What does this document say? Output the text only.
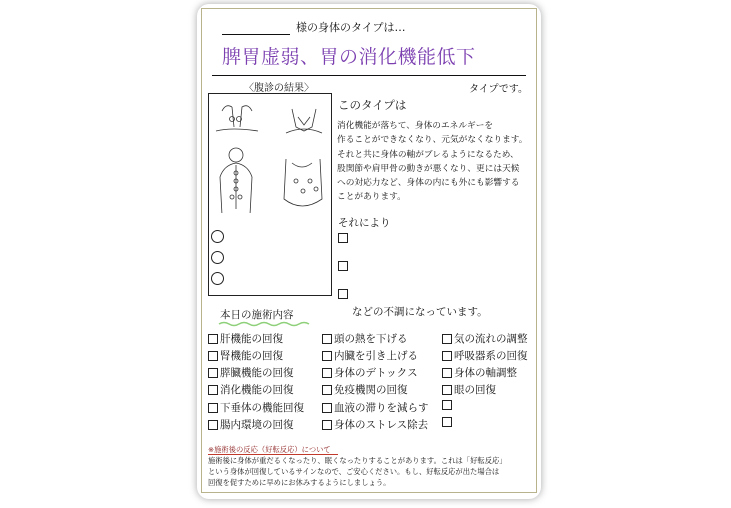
様の身体のタイプは…
脾胃虚弱、胃の消化機能低下
タイプです。
〈腹診の結果〉
このタイプは
消化機能が落ちて、身体のエネルギーを
作ることができなくなり、元気がなくなります。
それと共に身体の軸がブレるようになるため、
股関節や肩甲骨の動きが悪くなり、更には天候
への対応力など、身体の内にも外にも影響する
ことがあります。
それにより
などの不調になっています。
本日の施術内容
肝機能の回復
腎機能の回復
膵臓機能の回復
消化機能の回復
下垂体の機能回復
腸内環境の回復
頭の熱を下げる
内臓を引き上げる
身体のデトックス
免疫機関の回復
血液の滞りを減らす
身体のストレス除去
気の流れの調整
呼吸器系の回復
身体の軸調整
眼の回復
※施術後の反応（好転反応）について
施術後に身体が重だるくなったり、眠くなったりすることがあります。これは「好転反応」
という身体が回復しているサインなので、ご安心ください。もし、好転反応が出た場合は
回復を促すために早めにお休みするようにしましょう。
